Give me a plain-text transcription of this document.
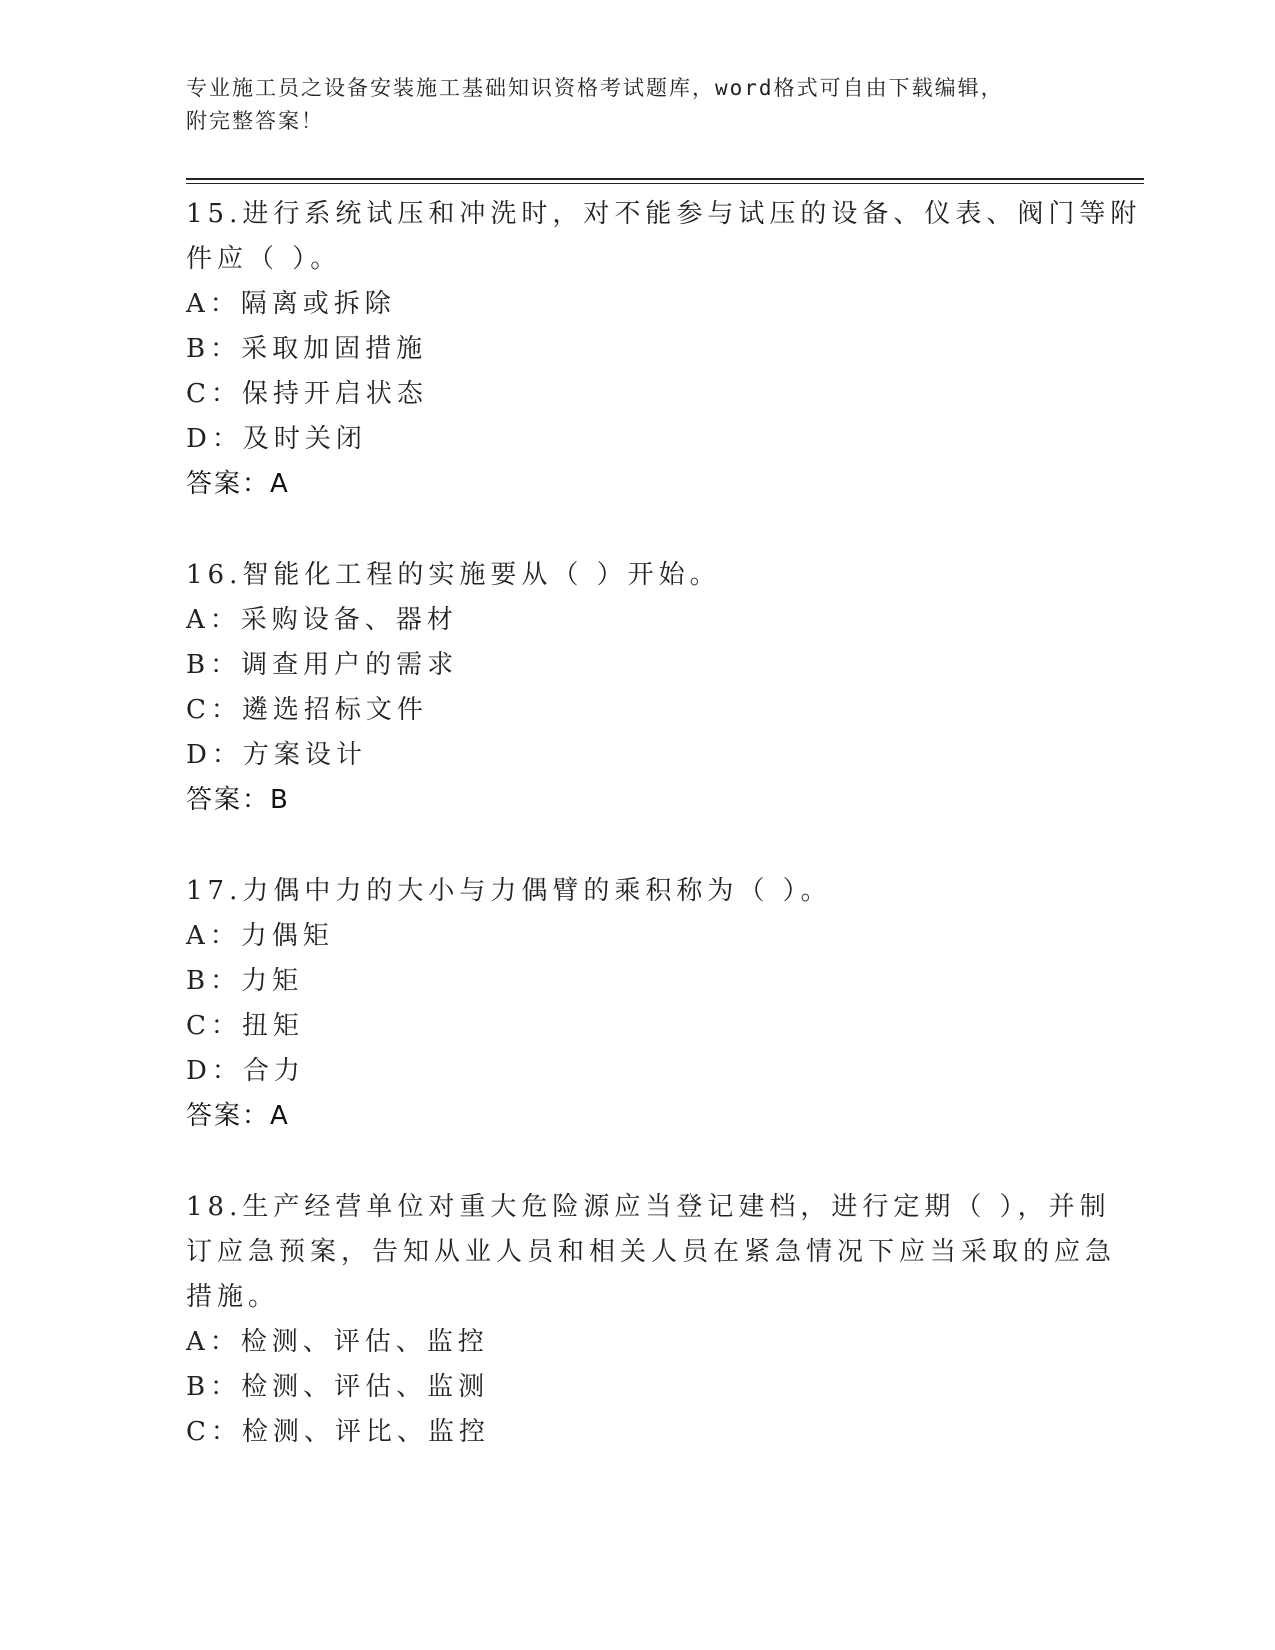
专业施工员之设备安装施工基础知识资格考试题库，word格式可自由下载编辑，
附完整答案！
15.进行系统试压和冲洗时，对不能参与试压的设备、仪表、阀门等附
件应（ ）。
A：隔离或拆除
B：采取加固措施
C：保持开启状态
D：及时关闭
答案：A
16.智能化工程的实施要从（ ）开始。
A：采购设备、器材
B：调查用户的需求
C：遴选招标文件
D：方案设计
答案：B
17.力偶中力的大小与力偶臂的乘积称为（ ）。
A：力偶矩
B：力矩
C：扭矩
D：合力
答案：A
18.生产经营单位对重大危险源应当登记建档，进行定期（ ），并制
订应急预案，告知从业人员和相关人员在紧急情况下应当采取的应急
措施。
A：检测、评估、监控
B：检测、评估、监测
C：检测、评比、监控
